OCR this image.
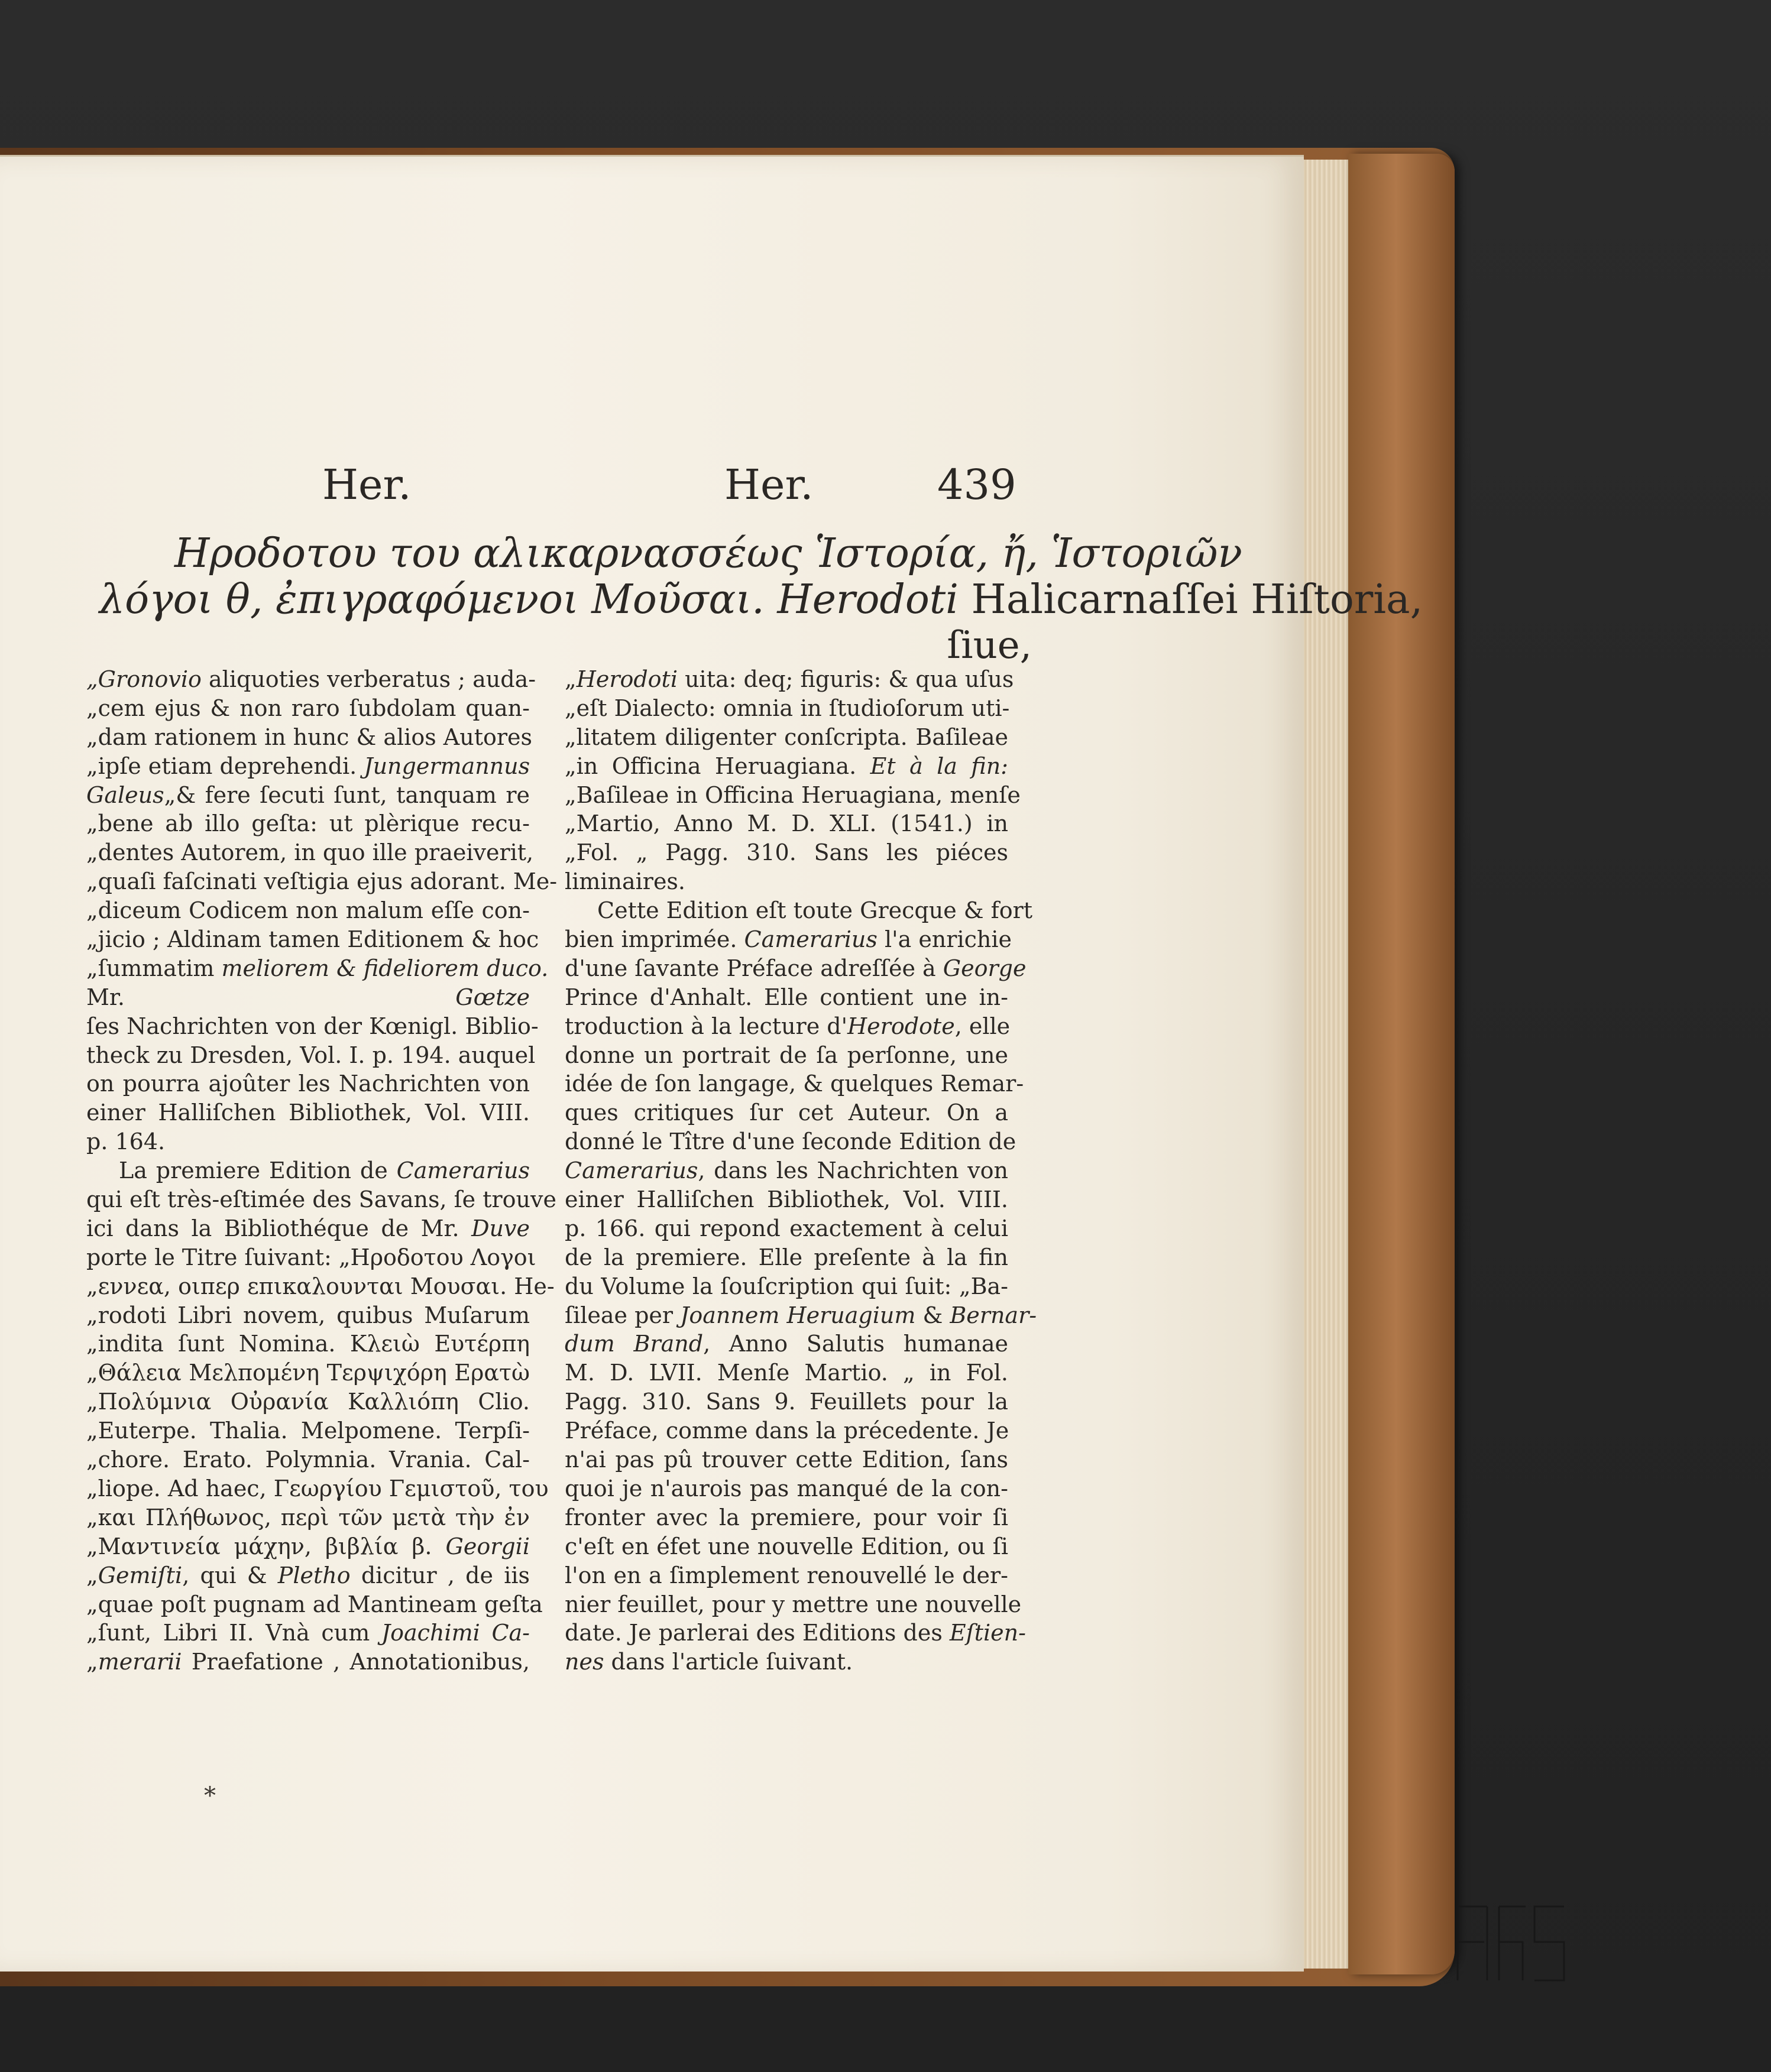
Her.	Her.	439
Ηροδοτου του αλικαρνασσέως Ἱστορία, ἤ, Ἱστοριῶν
λόγοι θ, ἐπιγραφόμενοι Μοῦσαι. Herodoti Halicarnaſſei Hiſtoria,
ſiue,
„Gronovio aliquoties verberatus ; auda-
„cem ejus & non raro ſubdolam quan-
„dam rationem in hunc & alios Autores
„ipſe etiam deprehendi. Jungermannus
Galeus„& fere ſecuti ſunt, tanquam re
„bene ab illo geſta: ut plèrique recu-
„dentes Autorem, in quo ille praeiverit,
„quaſi faſcinati veſtigia ejus adorant. Me-
„diceum Codicem non malum eſſe con-
„jicio ; Aldinam tamen Editionem & hoc
„ſummatim meliorem & fideliorem duco.
Mr. Gœtze
ſes Nachrichten von der Kœnigl. Biblio-
theck zu Dresden, Vol. I. p. 194. auquel
on pourra ajoûter les Nachrichten von
einer Halliſchen Bibliothek, Vol. VIII.
p. 164.
La premiere Edition de Camerarius
qui eſt très-eſtimée des Savans, ſe trouve
ici dans la Bibliothéque de Mr. Duve
porte le Titre ſuivant: „Ηροδοτου Λογοι
„εννεα, οιπερ επικαλουνται Μουσαι. He-
„rodoti Libri novem, quibus Muſarum
„indita ſunt Nomina. Κλειὼ Ευτέρπη
„Θάλεια Μελπομένη Τερψιχόρη Ερατὼ
„Πολύμνια Οὐρανία Καλλιόπη Clio.
„Euterpe. Thalia. Melpomene. Terpſi-
„chore. Erato. Polymnia. Vrania. Cal-
„liope. Ad haec, Γεωργίου Γεμιστοῦ, του
„και Πλήθωνος, περὶ τῶν μετὰ τὴν ἐν
„Μαντινεία μάχην, βιβλία β. Georgii
„Gemiſti, qui & Pletho dicitur , de iis
„quae poſt pugnam ad Mantineam geſta
„ſunt, Libri II. Vnà cum Joachimi Ca-
„merarii Praefatione , Annotationibus,
„Herodoti uita: deq; figuris: & qua uſus
„eſt Dialecto: omnia in ſtudioſorum uti-
„litatem diligenter conſcripta. Baſileae
„in Officina Heruagiana. Et à la fin:
„Baſileae in Officina Heruagiana, menſe
„Martio, Anno M. D. XLI. (1541.) in
„Fol. „ Pagg. 310. Sans les piéces
liminaires.
Cette Edition eſt toute Grecque & fort
bien imprimée. Camerarius l'a enrichie
d'une ſavante Préface adreſſée à George
Prince d'Anhalt. Elle contient une in-
troduction à la lecture d'Herodote, elle
donne un portrait de ſa perſonne, une
idée de ſon langage, & quelques Remar-
ques critiques ſur cet Auteur. On a
donné le Tître d'une ſeconde Edition de
Camerarius, dans les Nachrichten von
einer Halliſchen Bibliothek, Vol. VIII.
p. 166. qui repond exactement à celui
de la premiere. Elle preſente à la fin
du Volume la ſouſcription qui ſuit: „Ba-
ſileae per Joannem Heruagium & Bernar-
dum Brand, Anno Salutis humanae
M. D. LVII. Menſe Martio. „ in Fol.
Pagg. 310. Sans 9. Feuillets pour la
Préface, comme dans la précedente. Je
n'ai pas pû trouver cette Edition, ſans
quoi je n'aurois pas manqué de la con-
fronter avec la premiere, pour voir ſi
c'eſt en éfet une nouvelle Edition, ou ſi
l'on en a ſimplement renouvellé le der-
nier feuillet, pour y mettre une nouvelle
date. Je parlerai des Editions des Eſtien-
nes dans l'article ſuivant.
*
